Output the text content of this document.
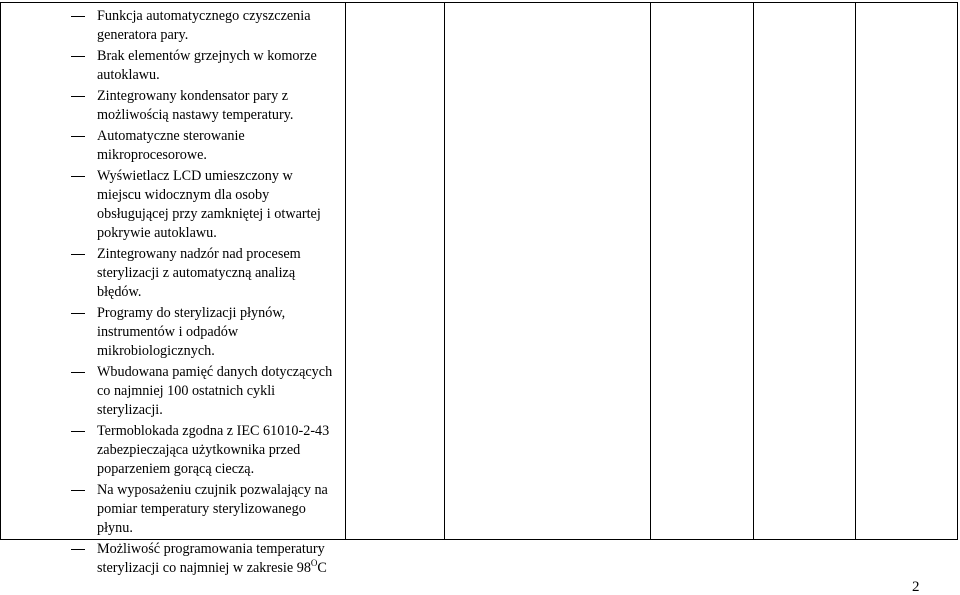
Funkcja automatycznego czyszczenia generatora pary.
Brak elementów grzejnych w komorze autoklawu.
Zintegrowany kondensator pary z możliwością nastawy temperatury.
Automatyczne sterowanie mikroprocesorowe.
Wyświetlacz LCD umieszczony w miejscu widocznym dla osoby obsługującej przy zamkniętej i otwartej pokrywie autoklawu.
Zintegrowany nadzór nad procesem sterylizacji z automatyczną analizą błędów.
Programy do sterylizacji płynów, instrumentów i odpadów mikrobiologicznych.
Wbudowana pamięć danych dotyczących co najmniej 100 ostatnich cykli sterylizacji.
Termoblokada zgodna z IEC 61010-2-43 zabezpieczająca użytkownika przed poparzeniem gorącą cieczą.
Na wyposażeniu czujnik pozwalający na pomiar temperatury sterylizowanego płynu.
Możliwość programowania temperatury sterylizacji co najmniej w zakresie $98^OC$
2
